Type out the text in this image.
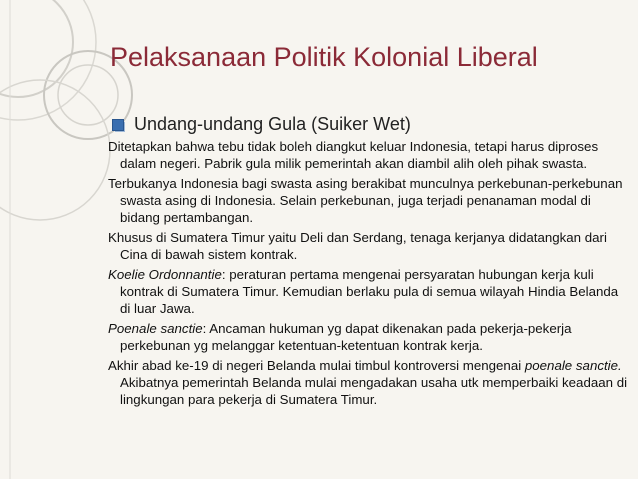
Pelaksanaan Politik Kolonial Liberal
Undang-undang Gula (Suiker Wet)
Ditetapkan bahwa tebu tidak boleh diangkut keluar Indonesia, tetapi harus diproses dalam negeri. Pabrik gula milik pemerintah akan diambil alih oleh pihak swasta.
Terbukanya Indonesia bagi swasta asing berakibat munculnya perkebunan-perkebunan swasta asing di Indonesia. Selain perkebunan, juga terjadi penanaman modal di bidang pertambangan.
Khusus di Sumatera Timur yaitu Deli dan Serdang, tenaga kerjanya didatangkan dari Cina di bawah sistem kontrak.
Koelie Ordonnantie: peraturan pertama mengenai persyaratan hubungan kerja kuli kontrak di Sumatera Timur. Kemudian berlaku pula di semua wilayah Hindia Belanda di luar Jawa.
Poenale sanctie: Ancaman hukuman yg dapat dikenakan pada pekerja-pekerja perkebunan yg melanggar ketentuan-ketentuan kontrak kerja.
Akhir abad ke-19 di negeri Belanda mulai timbul kontroversi mengenai poenale sanctie. Akibatnya pemerintah Belanda mulai mengadakan usaha utk memperbaiki keadaan di lingkungan para pekerja di Sumatera Timur.
